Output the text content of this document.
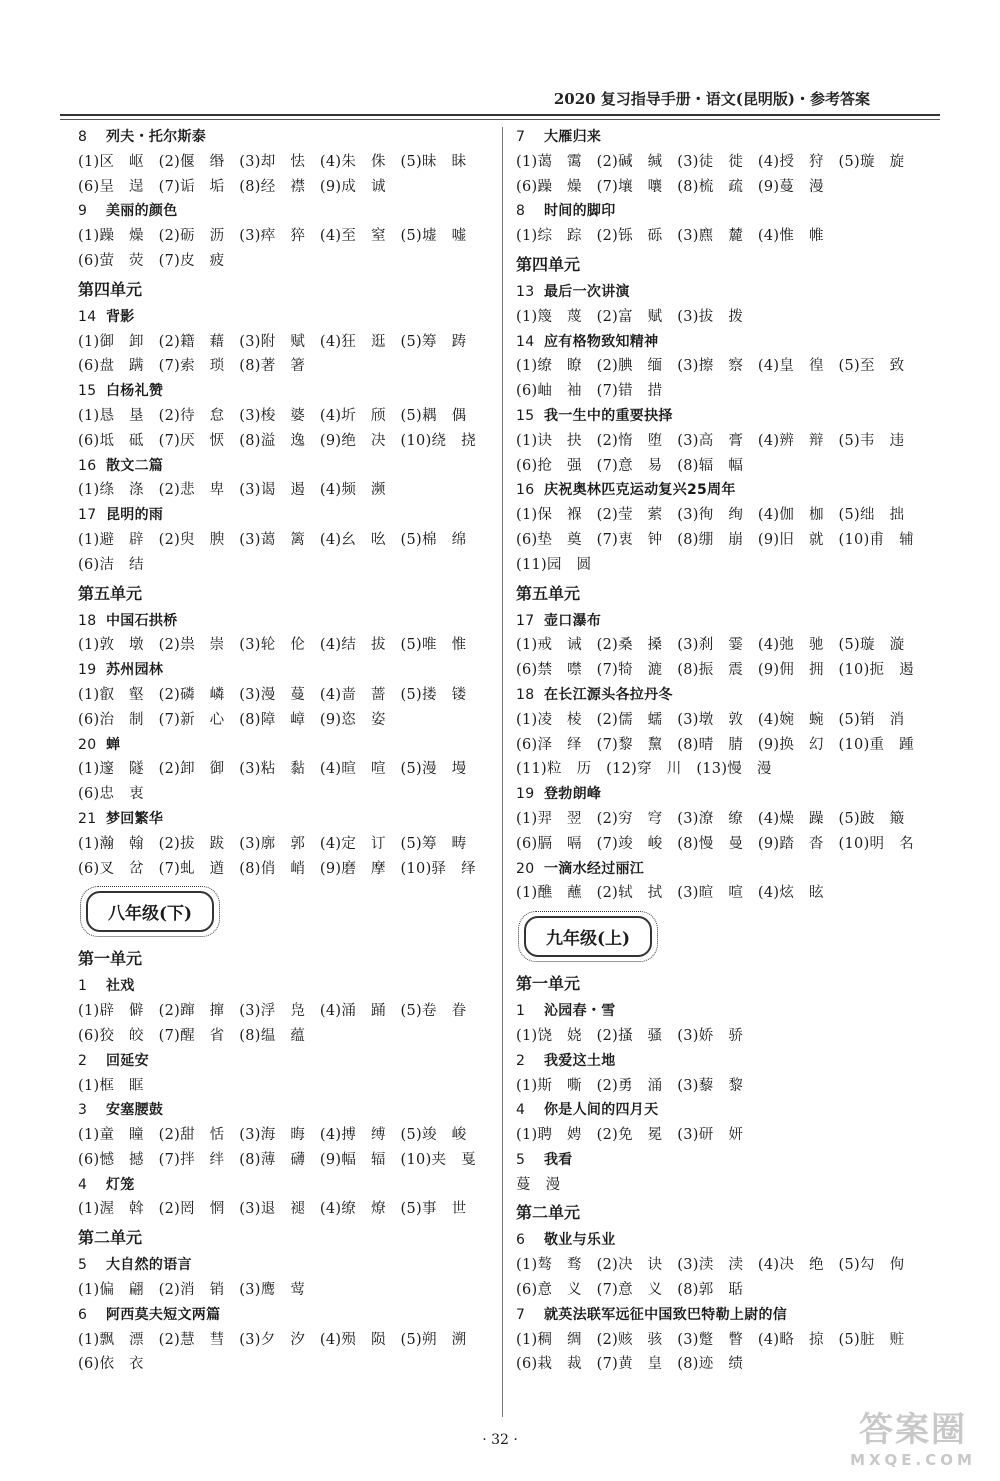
2020 复习指导手册・语文(昆明版)・参考答案
8 列夫・托尔斯泰
(1)区　岖　(2)偃　缗　(3)却　怯　(4)朱　侏　(5)昧　眛
(6)呈　逞　(7)诟　垢　(8)经　襟　(9)成　诚
9 美丽的颜色
(1)躁　燥　(2)砺　沥　(3)瘁　猝　(4)至　窒　(5)墟　嘘
(6)萤　荧　(7)皮　疲
第四单元
14 背影
(1)御　卸　(2)籍　藉　(3)附　赋　(4)狂　逛　(5)筹　踌
(6)盘　蹒　(7)索　琐　(8)著　箸
15 白杨礼赞
(1)恳　垦　(2)待　怠　(3)梭　婆　(4)圻　颀　(5)耦　偶
(6)坻　砥　(7)厌　恹　(8)溢　逸　(9)绝　决　(10)绕　挠
16 散文二篇
(1)绦　涤　(2)悲　卑　(3)谒　遏　(4)频　濒
17 昆明的雨
(1)避　辟　(2)臾　腴　(3)蔼　篱　(4)幺　吆　(5)棉　绵
(6)洁　结
第五单元
18 中国石拱桥
(1)敦　墩　(2)祟　崇　(3)轮　伦　(4)结　拔　(5)唯　惟
19 苏州园林
(1)叡　壑　(2)磷　嶙　(3)漫　蔓　(4)啬　蔷　(5)搂　镂
(6)治　制　(7)新　心　(8)障　嶂　(9)恣　姿
20 蝉
(1)邃　隧　(2)卸　御　(3)粘　黏　(4)暄　喧　(5)漫　墁
(6)忠　衷
21 梦回繁华
(1)瀚　翰　(2)拔　跋　(3)廓　郭　(4)定　订　(5)筹　畴
(6)叉　岔　(7)虬　遒　(8)俏　峭　(9)磨　摩　(10)驿　绎
八年级(下)
第一单元
1 社戏
(1)辟　僻　(2)蹿　撺　(3)浮　凫　(4)涌　踊　(5)卷　眷
(6)狡　皎　(7)醒　省　(8)缊　蕴
2 回延安
(1)框　眶
3 安塞腰鼓
(1)童　瞳　(2)甜　恬　(3)海　晦　(4)搏　缚　(5)竣　峻
(6)憾　撼　(7)拌　绊　(8)薄　礴　(9)幅　辐　(10)夹　戛
4 灯笼
(1)渥　斡　(2)罔　惘　(3)退　褪　(4)缭　燎　(5)事　世
第二单元
5 大自然的语言
(1)偏　翩　(2)消　销　(3)鹰　莺
6 阿西莫夫短文两篇
(1)飘　漂　(2)慧　彗　(3)夕　汐　(4)殒　陨　(5)朔　溯
(6)依　衣
7 大雁归来
(1)蔼　霭　(2)碱　缄　(3)徒　徙　(4)授　狩　(5)璇　旋
(6)躁　燥　(7)壤　嚷　(8)梳　疏　(9)蔓　漫
8 时间的脚印
(1)综　踪　(2)铄　砾　(3)麃　麓　(4)惟　帷
第四单元
13 最后一次讲演
(1)篾　蔑　(2)富　赋　(3)拔　拨
14 应有格物致知精神
(1)缭　瞭　(2)腆　缅　(3)擦　察　(4)皇　徨　(5)至　致
(6)岫　袖　(7)错　措
15 我一生中的重要抉择
(1)诀　抉　(2)惰　堕　(3)高　膏　(4)辨　辩　(5)韦　违
(6)抢　强　(7)意　易　(8)辐　幅
16 庆祝奥林匹克运动复兴25周年
(1)保　褓　(2)莹　萦　(3)徇　绚　(4)伽　枷　(5)绌　拙
(6)垫　奠　(7)衷　钟　(8)绷　崩　(9)旧　就　(10)甫　辅
(11)园　圆
第五单元
17 壶口瀑布
(1)戒　诫　(2)桑　搡　(3)刹　霎　(4)弛　驰　(5)璇　漩
(6)禁　噤　(7)犄　漉　(8)振　震　(9)佣　拥　(10)扼　遏
18 在长江源头各拉丹冬
(1)凌　棱　(2)儒　蠕　(3)墩　敦　(4)婉　蜿　(5)销　消
(6)泽　绎　(7)黎　黧　(8)晴　腈　(9)换　幻　(10)重　踵
(11)粒　历　(12)穿　川　(13)慢　漫
19 登勃朗峰
(1)羿　翌　(2)穷　穹　(3)潦　缭　(4)燥　躁　(5)跛　簸
(6)膈　嗝　(7)竣　峻　(8)慢　曼　(9)踏　沓　(10)明　名
20 一滴水经过丽江
(1)醮　蘸　(2)轼　拭　(3)暄　喧　(4)炫　眩
九年级(上)
第一单元
1 沁园春・雪
(1)饶　娆　(2)搔　骚　(3)娇　骄
2 我爱这土地
(1)斯　嘶　(2)勇　涌　(3)藜　黎
4 你是人间的四月天
(1)聘　娉　(2)免　冕　(3)研　妍
5 我看
蔓　漫
第二单元
6 敬业与乐业
(1)骜　骛　(2)决　诀　(3)渎　渎　(4)决　绝　(5)勾　佝
(6)意　义　(7)意　义　(8)郭　聒
7 就英法联军远征中国致巴特勒上尉的信
(1)稠　绸　(2)赅　骇　(3)蹩　瞥　(4)略　掠　(5)脏　赃
(6)栽　裁　(7)黄　皇　(8)迹　绩
· 32 ·	答案圈
MXQE.COM
